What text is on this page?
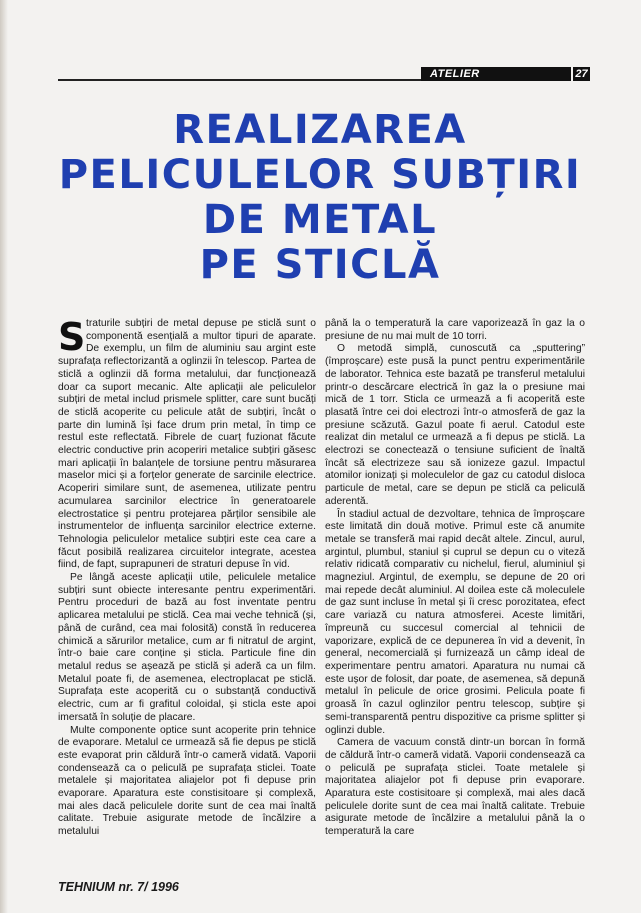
ATELIER	27
REALIZAREA
PELICULELOR SUBȚIRI
DE METAL
PE STICLĂ

Straturile subțiri de metal depuse pe sticlă sunt o componentă esențială a multor tipuri de aparate. De exemplu, un film de aluminiu sau argint este suprafața reflectorizantă a oglinzii în telescop. Partea de sticlă a oglinzii dă forma metalului, dar funcționează doar ca suport mecanic. Alte aplicații ale peliculelor subțiri de metal includ prismele splitter, care sunt bucăți de sticlă acoperite cu pelicule atât de subțiri, încât o parte din lumină își face drum prin metal, în timp ce restul este reflectată. Fibrele de cuarț fuzionat făcute electric conductive prin acoperiri metalice subțiri găsesc mari aplicații în balanțele de torsiune pentru măsurarea maselor mici și a forțelor generate de sarcinile electrice. Acoperiri similare sunt, de asemenea, utilizate pentru acumularea sarcinilor electrice în generatoarele electrostatice și pentru protejarea părților sensibile ale instrumentelor de influența sarcinilor electrice externe. Tehnologia peliculelor metalice subțiri este cea care a făcut posibilă realizarea circuitelor integrate, acestea fiind, de fapt, suprapuneri de straturi depuse în vid.

Pe lângă aceste aplicații utile, peliculele metalice subțiri sunt obiecte interesante pentru experimentări. Pentru proceduri de bază au fost inventate pentru aplicarea metalului pe sticlă. Cea mai veche tehnică (și, până de curând, cea mai folosită) constă în reducerea chimică a sărurilor metalice, cum ar fi nitratul de argint, într-o baie care conține și sticla. Particule fine din metalul redus se așează pe sticlă și aderă ca un film. Metalul poate fi, de asemenea, electroplacat pe sticlă. Suprafața este acoperită cu o substanță conductivă electric, cum ar fi grafitul coloidal, și sticla este apoi imersată în soluție de placare.

Multe componente optice sunt acoperite prin tehnice de evaporare. Metalul ce urmează să fie depus pe sticlă este evaporat prin căldură într-o cameră vidată. Vaporii condensează ca o peliculă pe suprafața sticlei. Toate metalele și majoritatea aliajelor pot fi depuse prin evaporare. Aparatura este constisitoare și complexă, mai ales dacă peliculele dorite sunt de cea mai înaltă calitate. Trebuie asigurate metode de încălzire a metalului

până la o temperatură la care vaporizează în gaz la o presiune de nu mai mult de 10 torri.

O metodă simplă, cunoscută ca „sputtering” (împroșcare) este pusă la punct pentru experimentările de laborator. Tehnica este bazată pe transferul metalului printr-o descărcare electrică în gaz la o presiune mai mică de 1 torr. Sticla ce urmează a fi acoperită este plasată între cei doi electrozi într-o atmosferă de gaz la presiune scăzută. Gazul poate fi aerul. Catodul este realizat din metalul ce urmează a fi depus pe sticlă. La electrozi se conectează o tensiune suficient de înaltă încât să electrizeze sau să ionizeze gazul. Impactul atomilor ionizați și moleculelor de gaz cu catodul disloca particule de metal, care se depun pe sticlă ca peliculă aderentă.

În stadiul actual de dezvoltare, tehnica de împroșcare este limitată din două motive. Primul este că anumite metale se transferă mai rapid decât altele. Zincul, aurul, argintul, plumbul, staniul și cuprul se depun cu o viteză relativ ridicată comparativ cu nichelul, fierul, aluminiul și magneziul. Argintul, de exemplu, se depune de 20 ori mai repede decât aluminiul. Al doilea este că moleculele de gaz sunt incluse în metal și îi cresc porozitatea, efect care variază cu natura atmosferei. Aceste limitări, împreună cu succesul comercial al tehnicii de vaporizare, explică de ce depunerea în vid a devenit, în general, necomercială și furnizează un câmp ideal de experimentare pentru amatori. Aparatura nu numai că este ușor de folosit, dar poate, de asemenea, să depună metalul în pelicule de orice grosimi. Pelicula poate fi groasă în cazul oglinzilor pentru telescop, subțire și semi-transparentă pentru dispozitive ca prisme splitter și oglinzi duble.

Camera de vacuum constă dintr-un borcan în formă de căldură într-o cameră vidată. Vaporii condensează ca o peliculă pe suprafața sticlei. Toate metalele și majoritatea aliajelor pot fi depuse prin evaporare. Aparatura este costisitoare și complexă, mai ales dacă peliculele dorite sunt de cea mai înaltă calitate. Trebuie asigurate metode de încălzire a metalului până la o temperatură la care

TEHNIUM nr. 7/ 1996
